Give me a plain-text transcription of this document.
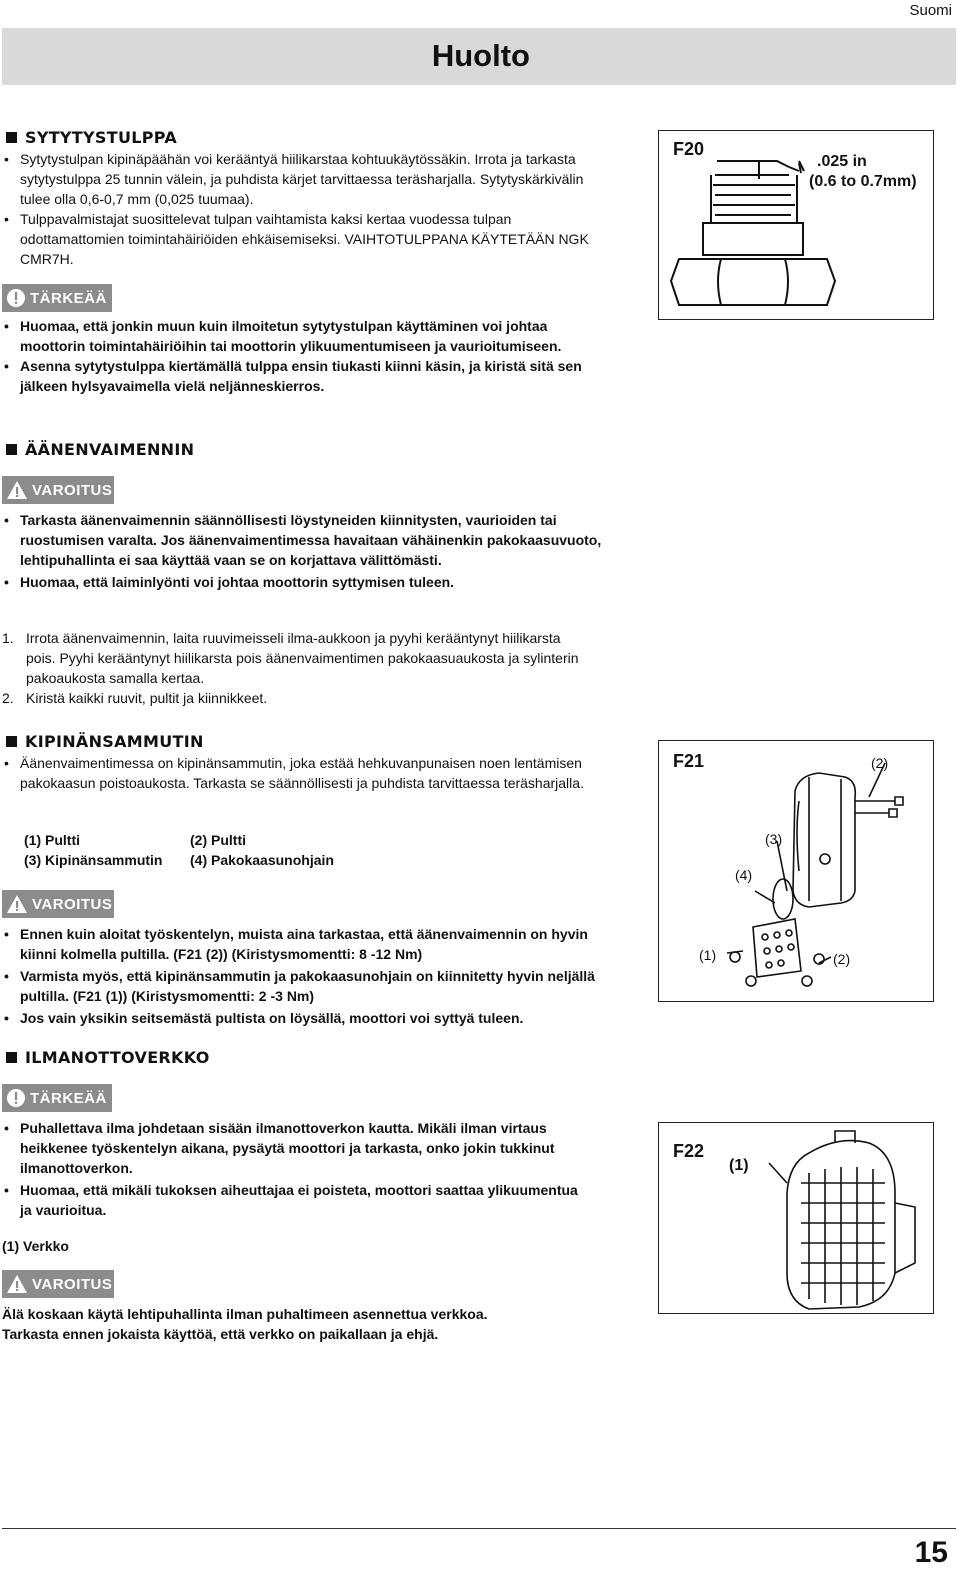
Suomi
Huolto
SYTYTYSTULPPA
• Sytytystulpan kipinäpäähän voi kerääntyä hiilikarstaa kohtuukäytössäkin. Irrota ja tarkasta sytytystulppa 25 tunnin välein, ja puhdista kärjet tarvittaessa teräsharjalla. Sytytyskärkivälin tulee olla 0,6-0,7 mm (0,025 tuumaa).
• Tulppavalmistajat suosittelevat tulpan vaihtamista kaksi kertaa vuodessa tulpan odottamattomien toimintahäiriöiden ehkäisemiseksi. VAIHTOTULPPANA KÄYTETÄÄN NGK CMR7H.
TÄRKEÄÄ
• Huomaa, että jonkin muun kuin ilmoitetun sytytystulpan käyttäminen voi johtaa moottorin toimintahäiriöihin tai moottorin ylikuumentumiseen ja vaurioitumiseen.
• Asenna sytytystulppa kiertämällä tulppa ensin tiukasti kiinni käsin, ja kiristä sitä sen jälkeen hylsyavaimella vielä neljänneskierros.
F20
.025 in
(0.6 to 0.7mm)
ÄÄNENVAIMENNIN
VAROITUS
• Tarkasta äänenvaimennin säännöllisesti löystyneiden kiinnitysten, vaurioiden tai ruostumisen varalta. Jos äänenvaimentimessa havaitaan vähäinenkin pakokaasuvuoto, lehtipuhallinta ei saa käyttää vaan se on korjattava välittömästi.
• Huomaa, että laiminlyönti voi johtaa moottorin syttymisen tuleen.
1. Irrota äänenvaimennin, laita ruuvimeisseli ilma-aukkoon ja pyyhi kerääntynyt hiilikarsta pois. Pyyhi kerääntynyt hiilikarsta pois äänenvaimentimen pakokaasuaukosta ja sylinterin pakoaukosta samalla kertaa.
2. Kiristä kaikki ruuvit, pultit ja kiinnikkeet.
KIPINÄNSAMMUTIN
• Äänenvaimentimessa on kipinänsammutin, joka estää hehkuvanpunaisen noen lentämisen pakokaasun poistoaukosta. Tarkasta se säännöllisesti ja puhdista tarvittaessa teräsharjalla.
(1) Pultti	(2) Pultti
(3) Kipinänsammutin	(4) Pakokaasunohjain
VAROITUS
• Ennen kuin aloitat työskentelyn, muista aina tarkastaa, että äänenvaimennin on hyvin kiinni kolmella pultilla. (F21 (2)) (Kiristysmomentti: 8 -12 Nm)
• Varmista myös, että kipinänsammutin ja pakokaasunohjain on kiinnitetty hyvin neljällä pultilla. (F21 (1)) (Kiristysmomentti: 2 -3 Nm)
• Jos vain yksikin seitsemästä pultista on löysällä, moottori voi syttyä tuleen.
F21	(2)
(3)
(4)
(1)	(2)
ILMANOTTOVERKKO
TÄRKEÄÄ
• Puhallettava ilma johdetaan sisään ilmanottoverkon kautta. Mikäli ilman virtaus heikkenee työskentelyn aikana, pysäytä moottori ja tarkasta, onko jokin tukkinut ilmanottoverkon.
• Huomaa, että mikäli tukoksen aiheuttajaa ei poisteta, moottori saattaa ylikuumentua ja vaurioitua.
(1) Verkko
VAROITUS
Älä koskaan käytä lehtipuhallinta ilman puhaltimeen asennettua verkkoa.
Tarkasta ennen jokaista käyttöä, että verkko on paikallaan ja ehjä.
F22
(1)
15
